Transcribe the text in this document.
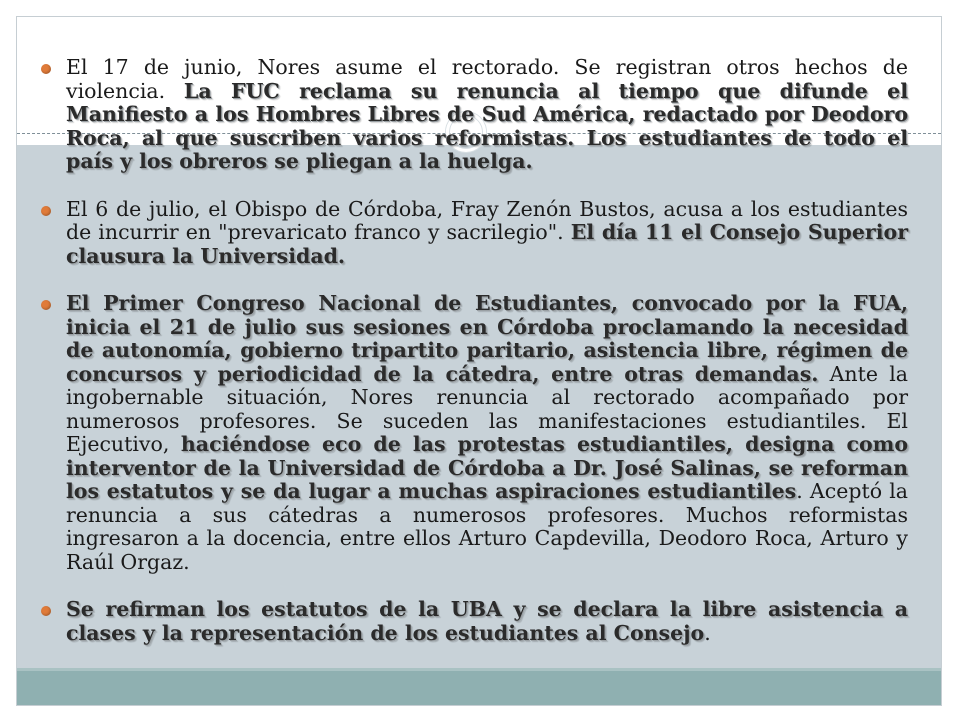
El 17 de junio, Nores asume el rectorado. Se registran otros hechos de violencia. La FUC reclama su renuncia al tiempo que difunde el Manifiesto a los Hombres Libres de Sud América, redactado por Deodoro Roca, al que suscriben varios reformistas. Los estudiantes de todo el país y los obreros se pliegan a la huelga.
El 6 de julio, el Obispo de Córdoba, Fray Zenón Bustos, acusa a los estudiantes de incurrir en "prevaricato franco y sacrilegio". El día 11 el Consejo Superior clausura la Universidad.
El Primer Congreso Nacional de Estudiantes, convocado por la FUA, inicia el 21 de julio sus sesiones en Córdoba proclamando la necesidad de autonomía, gobierno tripartito paritario, asistencia libre, régimen de concursos y periodicidad de la cátedra, entre otras demandas. Ante la ingobernable situación, Nores renuncia al rectorado acompañado por numerosos profesores. Se suceden las manifestaciones estudiantiles. El Ejecutivo, haciéndose eco de las protestas estudiantiles, designa como interventor de la Universidad de Córdoba a Dr. José Salinas, se reforman los estatutos y se da lugar a muchas aspiraciones estudiantiles. Aceptó la renuncia a sus cátedras a numerosos profesores. Muchos reformistas ingresaron a la docencia, entre ellos Arturo Capdevilla, Deodoro Roca, Arturo y Raúl Orgaz.
Se refirman los estatutos de la UBA y se declara la libre asistencia a clases y la representación de los estudiantes al Consejo.
